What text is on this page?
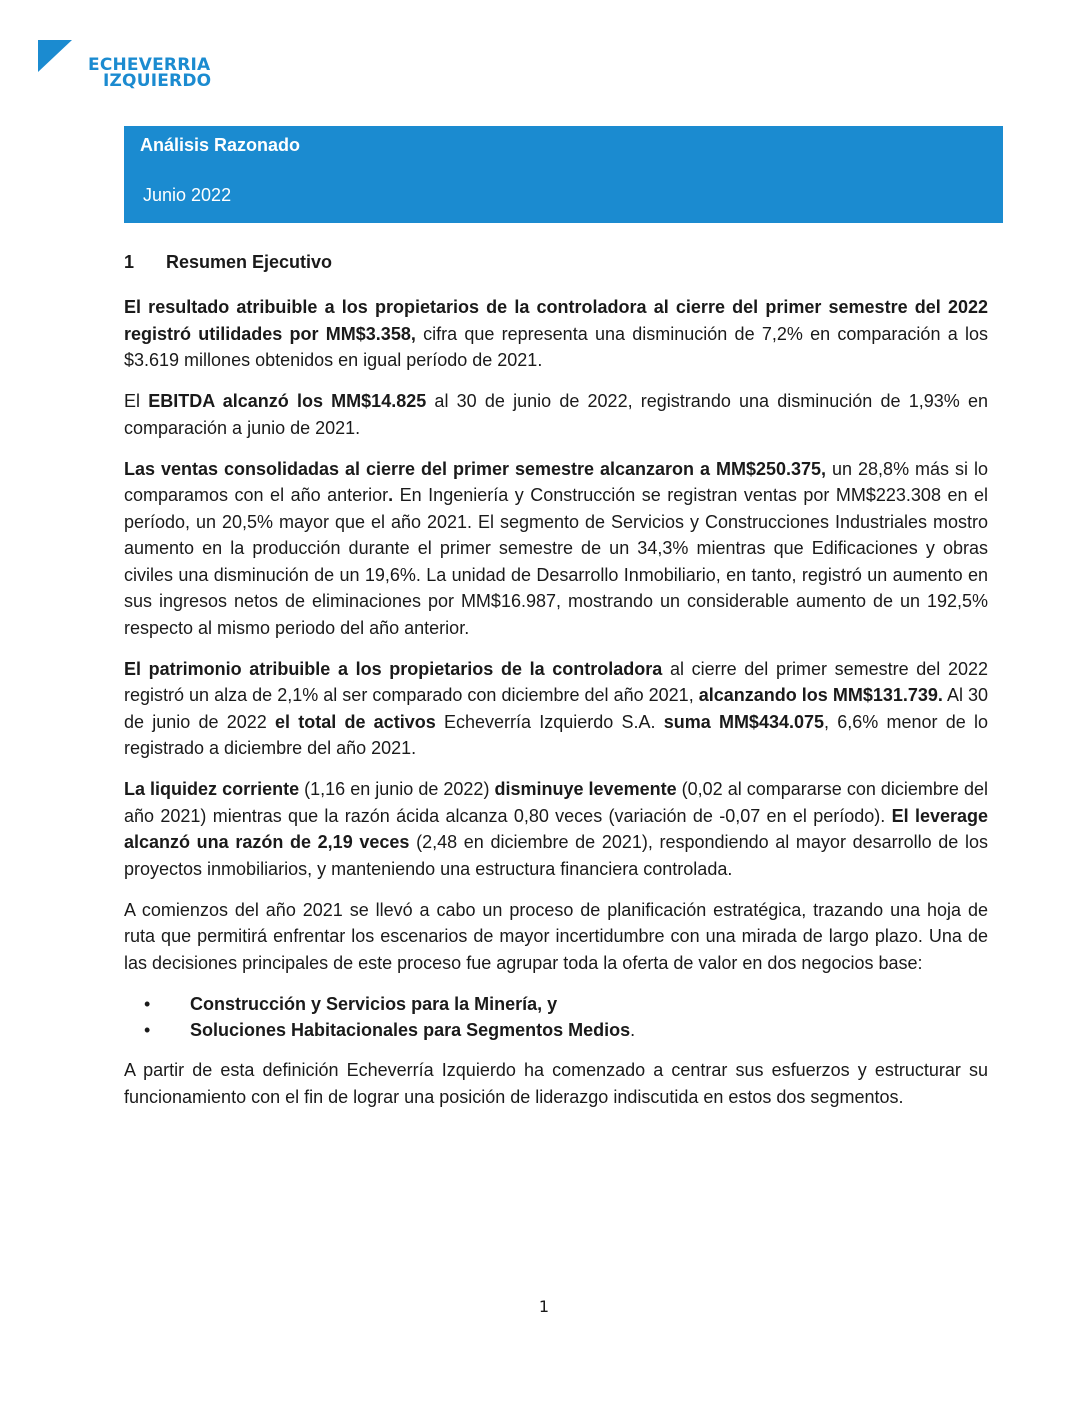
ECHEVERRIA
IZQUIERDO
Análisis Razonado
Junio 2022
1 Resumen Ejecutivo

El resultado atribuible a los propietarios de la controladora al cierre del primer semestre del 2022 registró utilidades por MM$3.358, cifra que representa una disminución de 7,2% en comparación a los $3.619 millones obtenidos en igual período de 2021.

El EBITDA alcanzó los MM$14.825 al 30 de junio de 2022, registrando una disminución de 1,93% en comparación a junio de 2021.

Las ventas consolidadas al cierre del primer semestre alcanzaron a MM$250.375, un 28,8% más si lo comparamos con el año anterior. En Ingeniería y Construcción se registran ventas por MM$223.308 en el período, un 20,5% mayor que el año 2021. El segmento de Servicios y Construcciones Industriales mostro aumento en la producción durante el primer semestre de un 34,3% mientras que Edificaciones y obras civiles una disminución de un 19,6%. La unidad de Desarrollo Inmobiliario, en tanto, registró un aumento en sus ingresos netos de eliminaciones por MM$16.987, mostrando un considerable aumento de un 192,5% respecto al mismo periodo del año anterior.

El patrimonio atribuible a los propietarios de la controladora al cierre del primer semestre del 2022 registró un alza de 2,1% al ser comparado con diciembre del año 2021, alcanzando los MM$131.739. Al 30 de junio de 2022 el total de activos Echeverría Izquierdo S.A. suma MM$434.075, 6,6% menor de lo registrado a diciembre del año 2021.

La liquidez corriente (1,16 en junio de 2022) disminuye levemente (0,02 al compararse con diciembre del año 2021) mientras que la razón ácida alcanza 0,80 veces (variación de -0,07 en el período). El leverage alcanzó una razón de 2,19 veces (2,48 en diciembre de 2021), respondiendo al mayor desarrollo de los proyectos inmobiliarios, y manteniendo una estructura financiera controlada.

A comienzos del año 2021 se llevó a cabo un proceso de planificación estratégica, trazando una hoja de ruta que permitirá enfrentar los escenarios de mayor incertidumbre con una mirada de largo plazo. Una de las decisiones principales de este proceso fue agrupar toda la oferta de valor en dos negocios base:

• Construcción y Servicios para la Minería, y
• Soluciones Habitacionales para Segmentos Medios.

A partir de esta definición Echeverría Izquierdo ha comenzado a centrar sus esfuerzos y estructurar su funcionamiento con el fin de lograr una posición de liderazgo indiscutida en estos dos segmentos.

1
